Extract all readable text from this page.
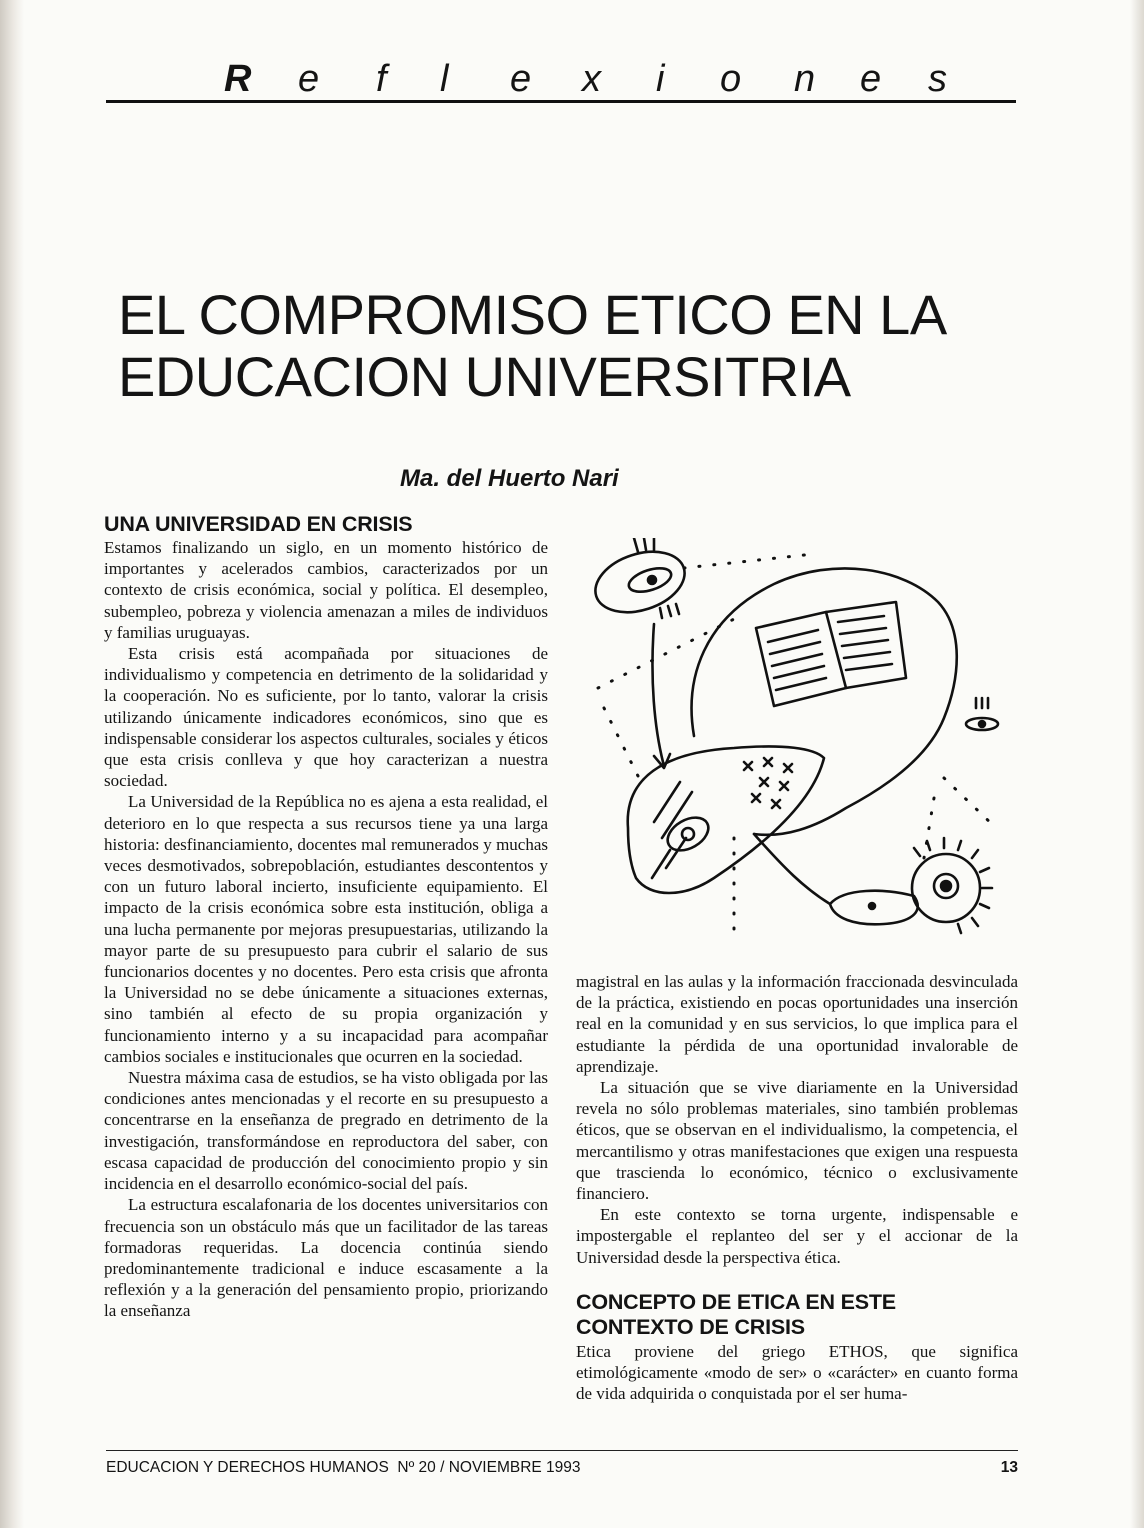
R e f l e x i o n e s
EL COMPROMISO ETICO EN LA
EDUCACION UNIVERSITRIA

Ma. del Huerto Nari

UNA UNIVERSIDAD EN CRISIS

Estamos finalizando un siglo, en un momento histórico de importantes y acelerados cambios, caracterizados por un contexto de crisis económica, social y política. El desempleo, subempleo, pobreza y violencia amenazan a miles de individuos y familias uruguayas.

Esta crisis está acompañada por situaciones de individualismo y competencia en detrimento de la solidaridad y la cooperación. No es suficiente, por lo tanto, valorar la crisis utilizando únicamente indicadores económicos, sino que es indispensable considerar los aspectos culturales, sociales y éticos que esta crisis conlleva y que hoy caracterizan a nuestra sociedad.

La Universidad de la República no es ajena a esta realidad, el deterioro en lo que respecta a sus recursos tiene ya una larga historia: desfinanciamiento, docentes mal remunerados y muchas veces desmotivados, sobrepoblación, estudiantes descontentos y con un futuro laboral incierto, insuficiente equipamiento. El impacto de la crisis económica sobre esta institución, obliga a una lucha permanente por mejoras presupuestarias, utilizando la mayor parte de su presupuesto para cubrir el salario de sus funcionarios docentes y no docentes. Pero esta crisis que afronta la Universidad no se debe únicamente a situaciones externas, sino también al efecto de su propia organización y funcionamiento interno y a su incapacidad para acompañar cambios sociales e institucionales que ocurren en la sociedad.

Nuestra máxima casa de estudios, se ha visto obligada por las condiciones antes mencionadas y el recorte en su presupuesto a concentrarse en la enseñanza de pregrado en detrimento de la investigación, transformándose en reproductora del saber, con escasa capacidad de producción del conocimiento propio y sin incidencia en el desarrollo económico-social del país.

La estructura escalafonaria de los docentes universitarios con frecuencia son un obstáculo más que un facilitador de las tareas formadoras requeridas. La docencia continúa siendo predominantemente tradicional e induce escasamente a la reflexión y a la generación del pensamiento propio, priorizando la enseñanza

magistral en las aulas y la información fraccionada desvinculada de la práctica, existiendo en pocas oportunidades una inserción real en la comunidad y en sus servicios, lo que implica para el estudiante la pérdida de una oportunidad invalorable de aprendizaje.

La situación que se vive diariamente en la Universidad revela no sólo problemas materiales, sino también problemas éticos, que se observan en el individualismo, la competencia, el mercantilismo y otras manifestaciones que exigen una respuesta que trascienda lo económico, técnico o exclusivamente financiero.

En este contexto se torna urgente, indispensable e impostergable el replanteo del ser y el accionar de la Universidad desde la perspectiva ética.

CONCEPTO DE ETICA EN ESTE
CONTEXTO DE CRISIS

Etica proviene del griego ETHOS, que significa etimológicamente «modo de ser» o «carácter» en cuanto forma de vida adquirida o conquistada por el ser huma-

EDUCACION Y DERECHOS HUMANOS  Nº 20 / NOVIEMBRE 1993	13
